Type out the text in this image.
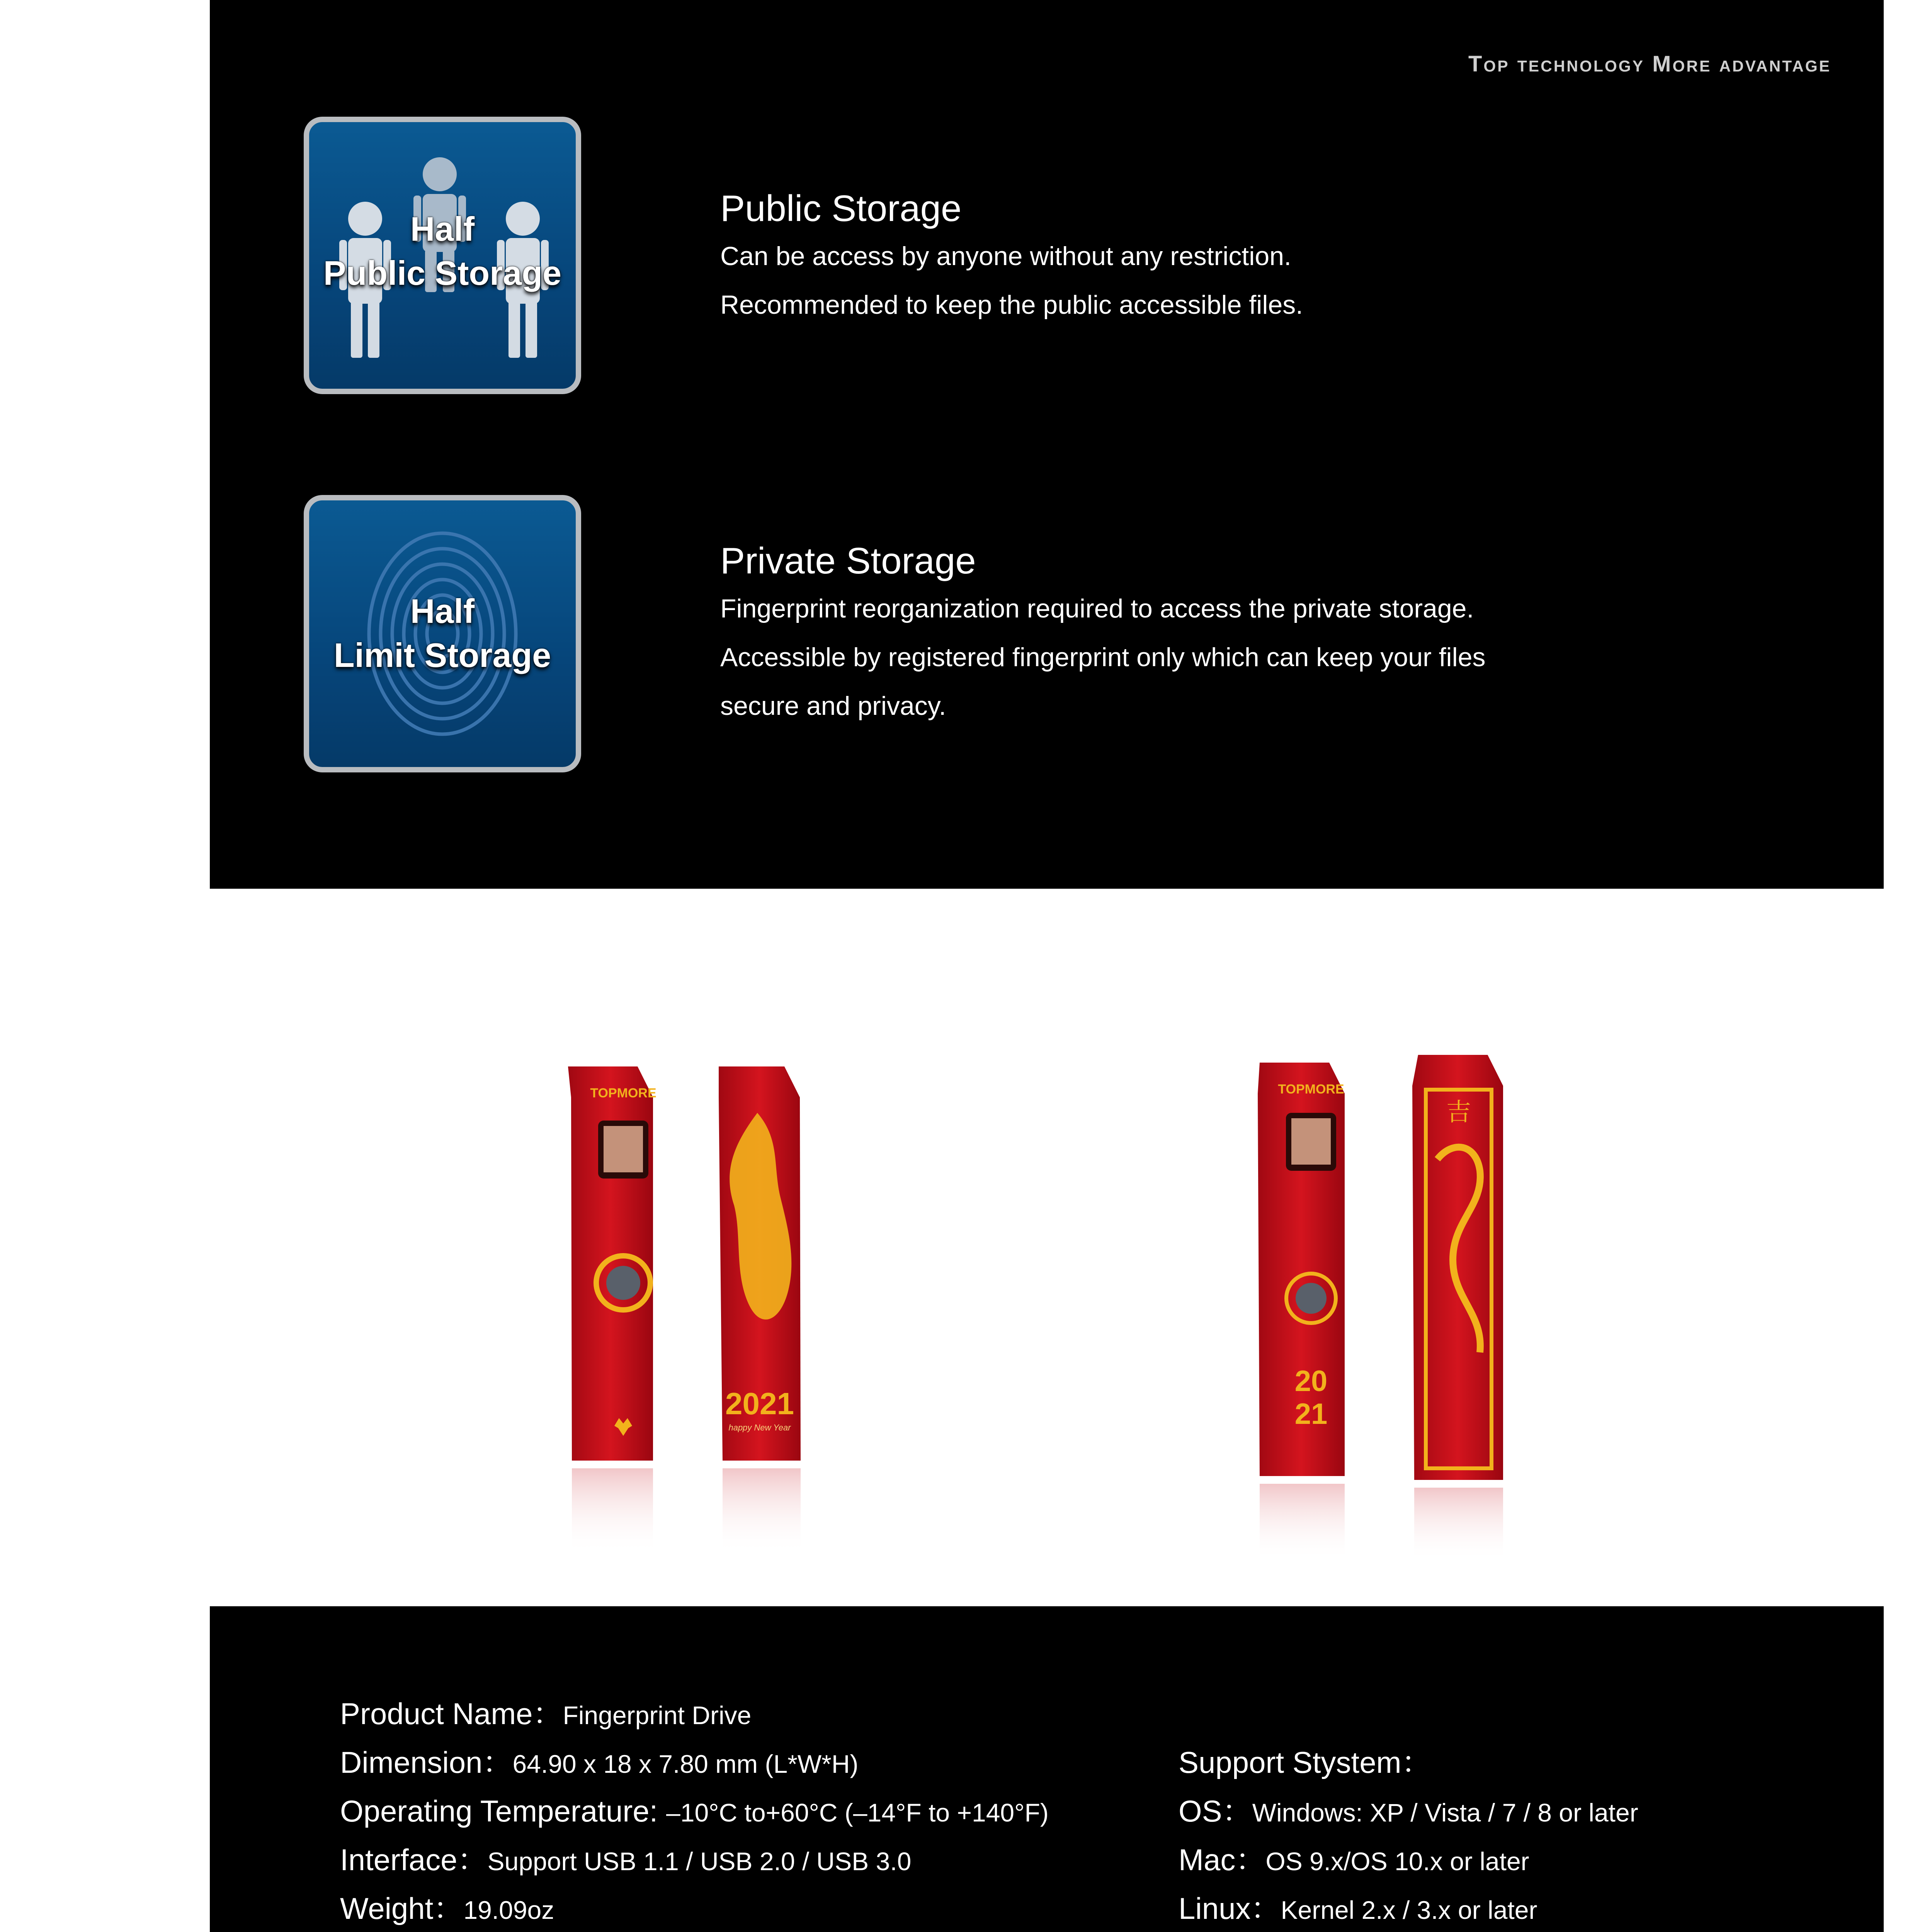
Top technology More advantage
Half
Public Storage
Public Storage

Can be access by anyone without any restriction.

Recommended to keep the public accessible files.

Half
Limit Storage
Private Storage

Fingerprint reorganization required to access the private storage.

Accessible by registered fingerprint only which can keep your files

secure and privacy.

TOPMORE
2021
happy New Year
TOPMORE
20
21
吉
Product Name：Fingerprint Drive
Dimension：64.90 x 18 x 7.80 mm (L*W*H)
Operating Temperature: –10°C to+60°C (–14°F to +140°F)
Interface：Support USB 1.1 / USB 2.0 / USB 3.0
Weight：19.09oz
Support Stystem：
OS：Windows: XP / Vista / 7 / 8 or later
Mac：OS 9.x/OS 10.x or later
Linux：Kernel 2.x / 3.x or later
